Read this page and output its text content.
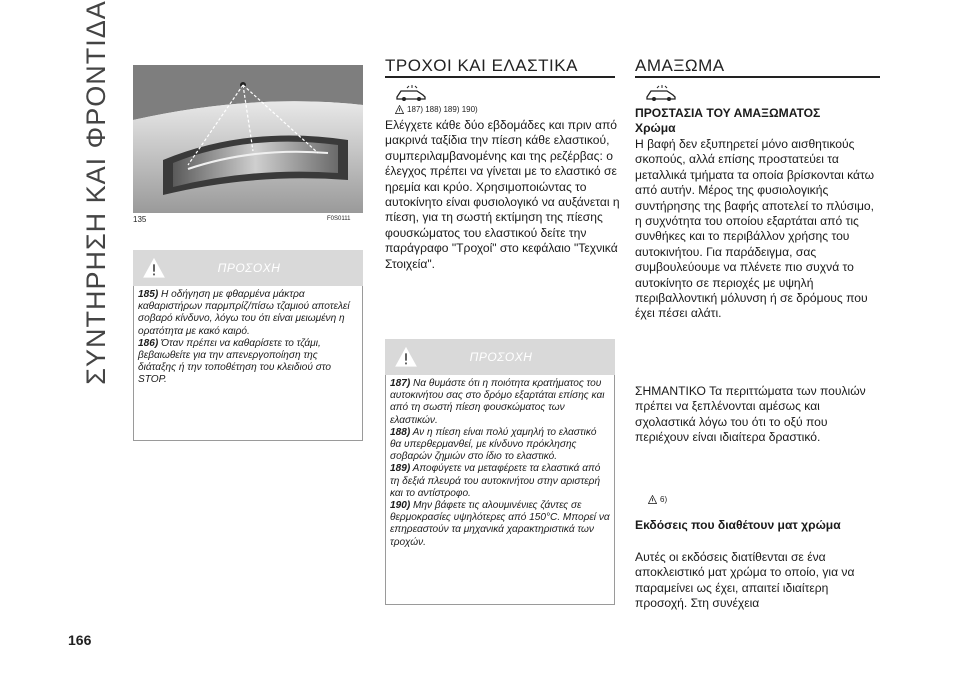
ΣΥΝΤΗΡΗΣΗ ΚΑΙ ΦΡΟΝΤΙΔΑ	135	F0S0111
ΠΡΟΣΟΧΗ

185) Η οδήγηση με φθαρμένα μάκτρα καθαριστήρων παρμπρίζ/πίσω τζαμιού αποτελεί σοβαρό κίνδυνο, λόγω του ότι είναι μειωμένη η ορατότητα με κακό καιρό.

186) Όταν πρέπει να καθαρίσετε το τζάμι, βεβαιωθείτε για την απενεργοποίηση της διάταξης ή την τοποθέτηση του κλειδιού στο STOP.

ΤΡΟΧΟΙ ΚΑΙ ΕΛΑΣΤΙΚΑ
187) 188) 189) 190)

Ελέγχετε κάθε δύο εβδομάδες και πριν από μακρινά ταξίδια την πίεση κάθε ελαστικού, συμπεριλαμβανομένης και της ρεζέρβας: ο έλεγχος πρέπει να γίνεται με το ελαστικό σε ηρεμία και κρύο. Χρησιμοποιώντας το αυτοκίνητο είναι φυσιολογικό να αυξάνεται η πίεση, για τη σωστή εκτίμηση της πίεσης φουσκώματος του ελαστικού δείτε την παράγραφο "Τροχοί" στο κεφάλαιο "Τεχνικά Στοιχεία".

ΠΡΟΣΟΧΗ

187) Να θυμάστε ότι η ποιότητα κρατήματος του αυτοκινήτου σας στο δρόμο εξαρτάται επίσης και από τη σωστή πίεση φουσκώματος των ελαστικών.

188) Αν η πίεση είναι πολύ χαμηλή το ελαστικό θα υπερθερμανθεί, με κίνδυνο πρόκλησης σοβαρών ζημιών στο ίδιο το ελαστικό.

189) Αποφύγετε να μεταφέρετε τα ελαστικά από τη δεξιά πλευρά του αυτοκινήτου στην αριστερή και το αντίστροφο.

190) Μην βάφετε τις αλουμινένιες ζάντες σε θερμοκρασίες υψηλότερες από 150°C. Μπορεί να επηρεαστούν τα μηχανικά χαρακτηριστικά των τροχών.

ΑΜΑΞΩΜΑ
ΠΡΟΣΤΑΣΙΑ ΤΟΥ ΑΜΑΞΩΜΑΤΟΣ
Χρώμα

Η βαφή δεν εξυπηρετεί μόνο αισθητικούς σκοπούς, αλλά επίσης προστατεύει τα μεταλλικά τμήματα τα οποία βρίσκονται κάτω από αυτήν. Μέρος της φυσιολογικής συντήρησης της βαφής αποτελεί το πλύσιμο, η συχνότητα του οποίου εξαρτάται από τις συνθήκες και το περιβάλλον χρήσης του αυτοκινήτου. Για παράδειγμα, σας συμβουλεύουμε να πλένετε πιο συχνά το αυτοκίνητο σε περιοχές με υψηλή περιβαλλοντική μόλυνση ή σε δρόμους που έχει πέσει αλάτι.

ΣΗΜΑΝΤΙΚΟ Τα περιττώματα των πουλιών πρέπει να ξεπλένονται αμέσως και σχολαστικά λόγω του ότι το οξύ που περιέχουν είναι ιδιαίτερα δραστικό.

6)
Εκδόσεις που διαθέτουν ματ χρώμα

Αυτές οι εκδόσεις διατίθενται σε ένα αποκλειστικό ματ χρώμα το οποίο, για να παραμείνει ως έχει, απαιτεί ιδιαίτερη προσοχή. Στη συνέχεια

166
